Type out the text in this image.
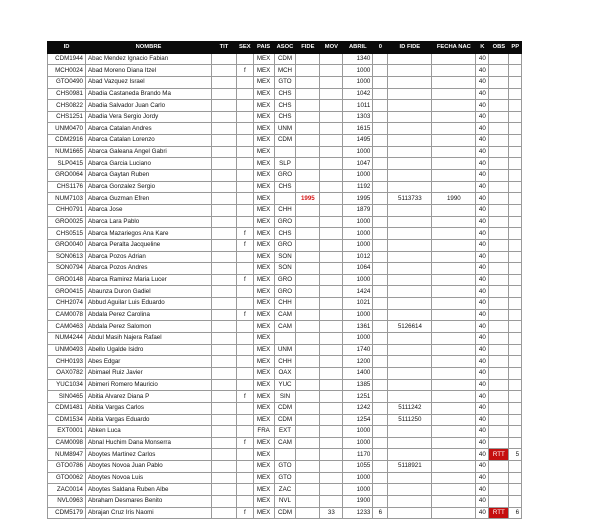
ID	NOMBRE	TIT	SEX	PAIS	ASOC	FIDE	MOV	ABRIL	0	ID FIDE	FECHA NAC	K	OBS	PP
CDM1944	Abac Mendez Ignacio Fabian			MEX	CDM			1340				40		
MCH0024	Abad Moreno Diana Itzel		f	MEX	MCH			1000				40		
GTO0490	Abad Vazquez Israel			MEX	GTO			1000				40		
CHS0981	Abadia Castaneda Brando Ma			MEX	CHS			1042				40		
CHS0822	Abadia Salvador Juan Carlo			MEX	CHS			1011				40		
CHS1251	Abadia Vera Sergio Jordy			MEX	CHS			1303				40		
UNM0470	Abarca Catalan Andres			MEX	UNM			1615				40		
CDM2916	Abarca Catalan Lorenzo			MEX	CDM			1495				40		
NUM1665	Abarca Galeana Angel Gabri			MEX				1000				40		
SLP0415	Abarca Garcia Luciano			MEX	SLP			1047				40		
GRO0064	Abarca Gaytan Ruben			MEX	GRO			1000				40		
CHS1176	Abarca Gonzalez Sergio			MEX	CHS			1192				40		
NUM7103	Abarca Guzman Efren			MEX		1995		1995		5113733	1990	40		
CHH0791	Abarca Jose			MEX	CHH			1879				40		
GRO0025	Abarca Lara Pablo			MEX	GRO			1000				40		
CHS0515	Abarca Mazariegos Ana Kare		f	MEX	CHS			1000				40		
GRO0040	Abarca Peralta Jacqueline		f	MEX	GRO			1000				40		
SON0613	Abarca Pozos Adrian			MEX	SON			1012				40		
SON0794	Abarca Pozos Andres			MEX	SON			1064				40		
GRO0148	Abarca Ramirez Maria Lucer		f	MEX	GRO			1000				40		
GRO0415	Abaunza Duron Gadiel			MEX	GRO			1424				40		
CHH2074	Abbud Aguilar Luis Eduardo			MEX	CHH			1021				40		
CAM0078	Abdala Perez Carolina		f	MEX	CAM			1000				40		
CAM0463	Abdala Perez Salomon			MEX	CAM			1361		5126614		40		
NUM4244	Abdul Masih Najera Rafael			MEX				1000				40		
UNM0493	Abello Ugalde Isidro			MEX	UNM			1740				40		
CHH0193	Abes Edgar			MEX	CHH			1200				40		
OAX0782	Abimael Ruiz Javier			MEX	OAX			1400				40		
YUC1034	Abimeri Romero Mauricio			MEX	YUC			1385				40		
SIN0465	Abitia Alvarez Diana P		f	MEX	SIN			1251				40		
CDM1481	Abitia Vargas Carlos			MEX	CDM			1242		5111242		40		
CDM1534	Abitia Vargas Eduardo			MEX	CDM			1254		5111250		40		
EXT0001	Abken Luca			FRA	EXT			1000				40		
CAM0098	Abnal Huchim Dana Monserra		f	MEX	CAM			1000				40		
NUM8947	Aboytes Martinez Carlos			MEX				1170				40	RTT	5
GTO0786	Aboytes Novoa Juan Pablo			MEX	GTO			1055		5118921		40		
GTO0062	Aboytes Novoa Luis			MEX	GTO			1000				40		
ZAC0014	Aboytes Saldana Ruben Albe			MEX	ZAC			1000				40		
NVL0963	Abraham Desmares Benito			MEX	NVL			1900				40		
CDM5179	Abrajan Cruz Iris Naomi		f	MEX	CDM		33	1233	6			40	RTT	6
